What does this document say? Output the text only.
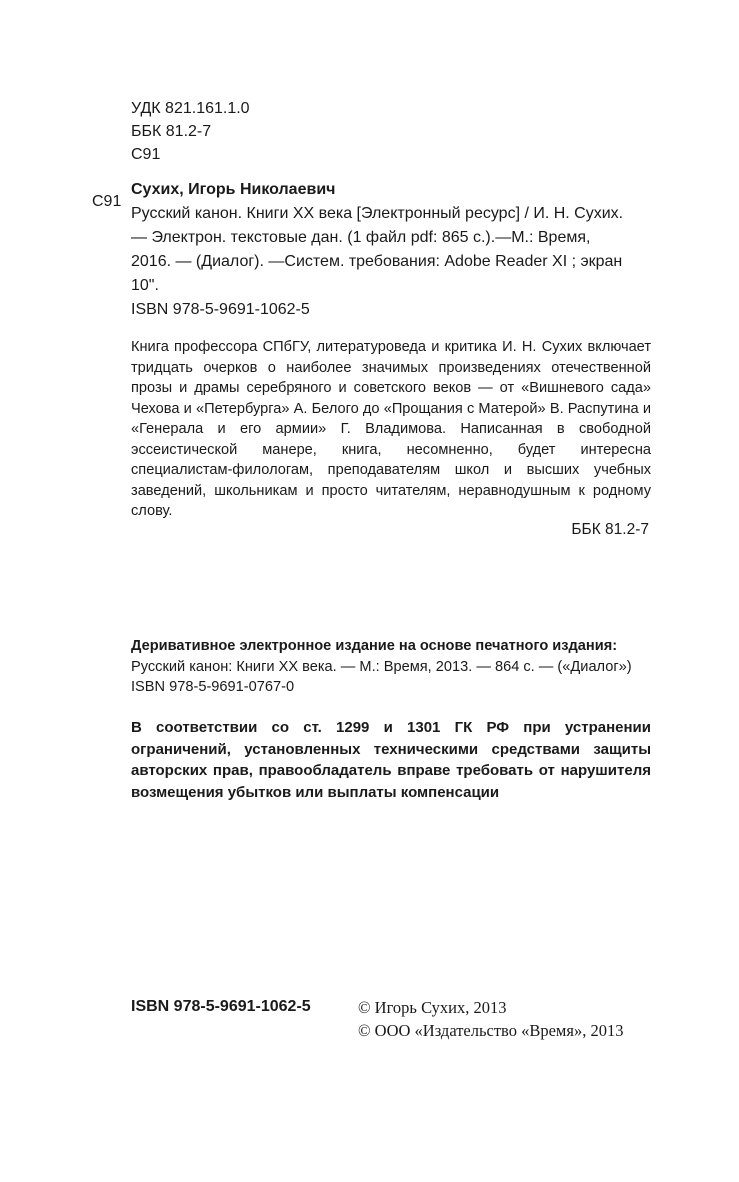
УДК 821.161.1.0
ББК 81.2-7
С91
С91
Сухих, Игорь Николаевич
Русский канон. Книги XX века [Электронный ресурс] / И. Н. Сухих.
— Электрон. текстовые дан. (1 файл pdf: 865 с.).—М.: Время,
2016. — (Диалог). —Систем. требования: Adobe Reader XI ; экран
10".
ISBN 978-5-9691-1062-5
Книга профессора СПбГУ, литературоведа и критика И. Н. Сухих включает тридцать очерков о наиболее значимых произведениях отечественной прозы и драмы серебряного и советского веков — от «Вишневого сада» Чехова и «Петербурга» А. Белого до «Прощания с Матерой» В. Распутина и «Генерала и его армии» Г. Владимова. Написанная в свободной эссеистической манере, книга, несомненно, будет интересна специалистам-филологам, преподавателям школ и высших учебных заведений, школьникам и просто читателям, неравнодушным к родному слову.
ББК 81.2-7
Деривативное электронное издание на основе печатного издания:
Русский канон: Книги XX века. — М.: Время, 2013. — 864 с. — («Диалог»)
ISBN 978-5-9691-0767-0
В соответствии со ст. 1299 и 1301 ГК РФ при устранении ограничений, установленных техническими средствами защиты авторских прав, правообладатель вправе требовать от нарушителя возмещения убытков или выплаты компенсации
ISBN 978-5-9691-1062-5	© Игорь Сухих, 2013
© ООО «Издательство «Время», 2013
